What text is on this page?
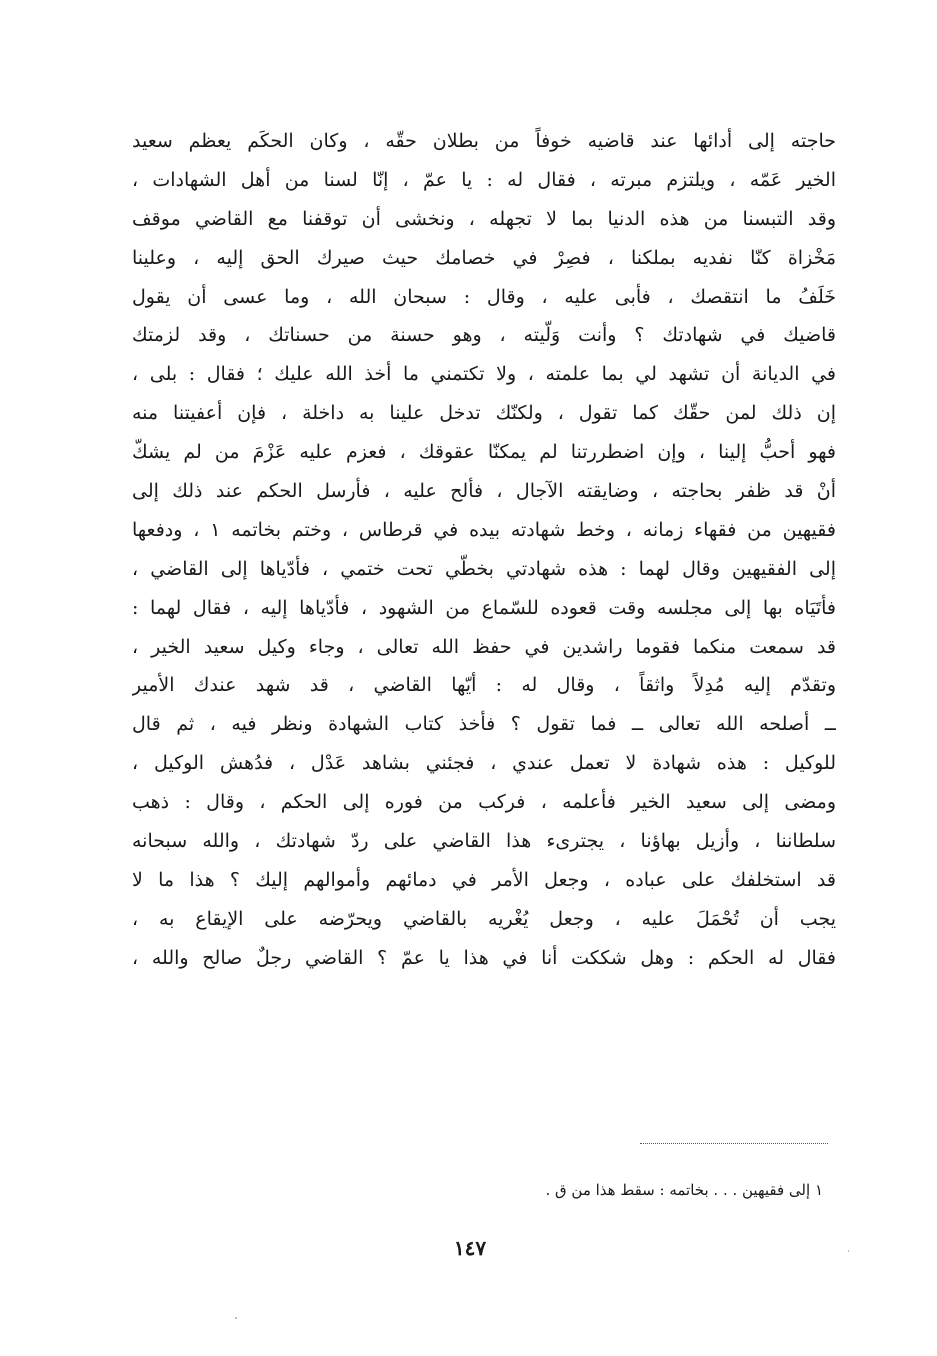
حاجته إلى أدائها عند قاضيه خوفاً من بطلان حقّه ، وكان الحكَم يعظم سعيد
الخير عَمّه ، ويلتزم مبرته ، فقال له : يا عمّ ، إنّا لسنا من أهل الشهادات ،
وقد التبسنا من هذه الدنيا بما لا تجهله ، ونخشى أن توقفنا مع القاضي موقف
مَخْزاة كنّا نفديه بملكنا ، فصِرْ في خصامك حيث صيرك الحق إليه ، وعلينا
خَلَفُ ما انتقصك ، فأبى عليه ، وقال : سبحان الله ، وما عسى أن يقول
قاضيك في شهادتك ؟ وأنت وَلّيته ، وهو حسنة من حسناتك ، وقد لزمتك
في الديانة أن تشهد لي بما علمته ، ولا تكتمني ما أخذ الله عليك ؛ فقال : بلى ،
إن ذلك لمن حقّك كما تقول ، ولكنّك تدخل علينا به داخلة ، فإن أعفيتنا منه
فهو أحبُّ إلينا ، وإن اضطررتنا لم يمكنّا عقوقك ، فعزم عليه عَزْمَ من لم يشكّ
أنْ قد ظفر بحاجته ، وضايقته الآجال ، فألح عليه ، فأرسل الحكم عند ذلك إلى
فقيهين من فقهاء زمانه ، وخط شهادته بيده في قرطاس ، وختم بخاتمه ١ ، ودفعها
إلى الفقيهين وقال لهما : هذه شهادتي بخطّي تحت ختمي ، فأدّياها إلى القاضي ،
فأتَيَاه بها إلى مجلسه وقت قعوده للسّماع من الشهود ، فأدّياها إليه ، فقال لهما :
قد سمعت منكما فقوما راشدين في حفظ الله تعالى ، وجاء وكيل سعيد الخير ،
وتقدّم إليه مُدِلاً واثقاً ، وقال له : أيّها القاضي ، قد شهد عندك الأمير
ــ أصلحه الله تعالى ــ فما تقول ؟ فأخذ كتاب الشهادة ونظر فيه ، ثم قال
للوكيل : هذه شهادة لا تعمل عندي ، فجئني بشاهد عَدْل ، فدُهش الوكيل ،
ومضى إلى سعيد الخير فأعلمه ، فركب من فوره إلى الحكم ، وقال : ذهب
سلطاننا ، وأزيل بهاؤنا ، يجترىء هذا القاضي على ردّ شهادتك ، والله سبحانه
قد استخلفك على عباده ، وجعل الأمر في دمائهم وأموالهم إليك ؟ هذا ما لا
يجب أن تُحْمَلَ عليه ، وجعل يُغْريه بالقاضي ويحرّضه على الإيقاع به ،
فقال له الحكم : وهل شككت أنا في هذا يا عمّ ؟ القاضي رجلٌ صالح والله ،
١ إلى فقيهين . . . بخاتمه : سقط هذا من ق .
١٤٧
